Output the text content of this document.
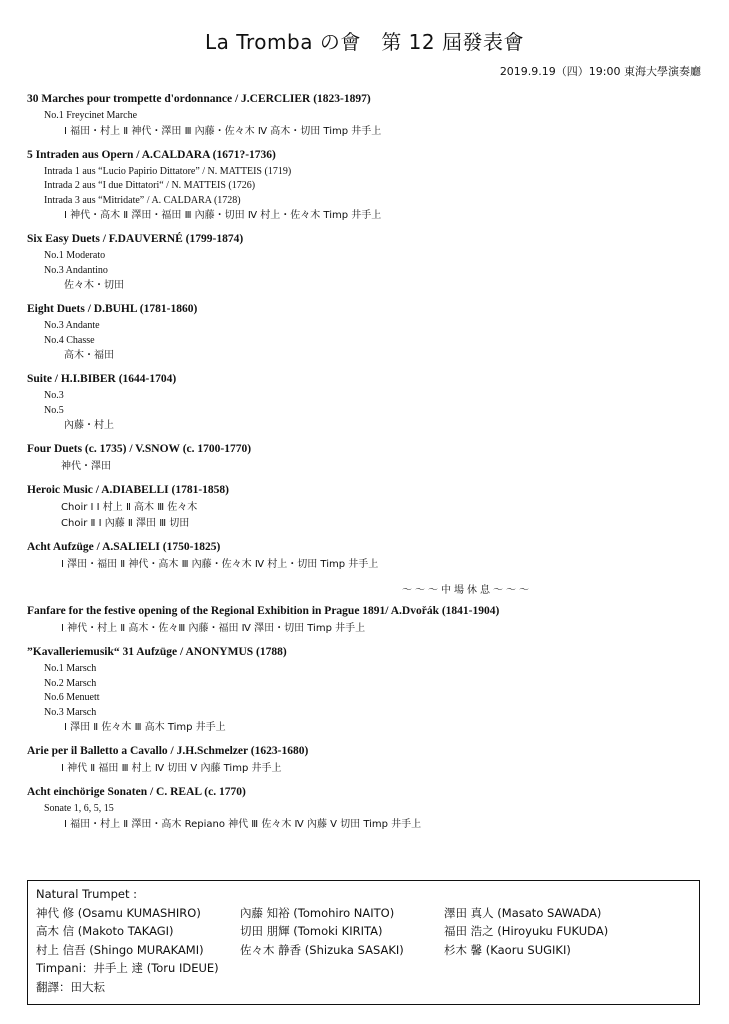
La Tromba の會　第 12 屆發表會
2019.9.19（四）19:00 東海大學演奏廳
30 Marches pour trompette d'ordonnance / J.CERCLIER (1823-1897)
No.1 Freycinet Marche
Ⅰ 福田・村上 Ⅱ 神代・澤田 Ⅲ 內藤・佐々木 Ⅳ 高木・切田 Timp 井手上
5 Intraden aus Opern / A.CALDARA (1671?-1736)
Intrada 1 aus “Lucio Papirio Dittatore” / N. MATTEIS (1719)
Intrada 2 aus “I due Dittatori“ / N. MATTEIS (1726)
Intrada 3 aus “Mitridate” / A. CALDARA (1728)
Ⅰ 神代・高木 Ⅱ 澤田・福田 Ⅲ 內藤・切田 Ⅳ 村上・佐々木 Timp 井手上
Six Easy Duets / F.DAUVERNÉ (1799-1874)
No.1 Moderato
No.3 Andantino
佐々木・切田
Eight Duets / D.BUHL (1781-1860)
No.3 Andante
No.4 Chasse
高木・福田
Suite / H.I.BIBER (1644-1704)
No.3
No.5
內藤・村上
Four Duets (c. 1735) / V.SNOW (c. 1700-1770)
神代・澤田
Heroic Music / A.DIABELLI (1781-1858)
Choir Ⅰ Ⅰ 村上 Ⅱ 高木 Ⅲ 佐々木
Choir Ⅱ Ⅰ 內藤 Ⅱ 澤田 Ⅲ 切田
Acht Aufzüge / A.SALIELI (1750-1825)
Ⅰ 澤田・福田 Ⅱ 神代・高木 Ⅲ 內藤・佐々木 Ⅳ 村上・切田 Timp 井手上
～～～中場休息～～～
Fanfare for the festive opening of the Regional Exhibition in Prague 1891/ A.Dvořák (1841-1904)
Ⅰ 神代・村上 Ⅱ 高木・佐々Ⅲ 內藤・福田 Ⅳ 澤田・切田 Timp 井手上
”Kavalleriemusik“ 31 Aufzüge / ANONYMUS (1788)
No.1 Marsch
No.2 Marsch
No.6 Menuett
No.3 Marsch
Ⅰ 澤田 Ⅱ 佐々木 Ⅲ 高木 Timp 井手上
Arie per il Balletto a Cavallo / J.H.Schmelzer (1623-1680)
Ⅰ 神代 Ⅱ 福田 Ⅲ 村上 Ⅳ 切田 Ⅴ 內藤 Timp 井手上
Acht einchörige Sonaten / C. REAL (c. 1770)
Sonate 1, 6, 5, 15
Ⅰ 福田・村上 Ⅱ 澤田・高木 Repiano 神代 Ⅲ 佐々木 Ⅳ 內藤 Ⅴ 切田 Timp 井手上
Natural Trumpet :
神代 修 (Osamu KUMASHIRO)	內藤 知裕 (Tomohiro NAITO)	澤田 真人 (Masato SAWADA)
高木 信 (Makoto TAKAGI)	切田 朋輝 (Tomoki KIRITA)	福田 浩之 (Hiroyuku FUKUDA)
村上 信吾 (Shingo MURAKAMI)	佐々木 静香 (Shizuka SASAKI)	杉木 馨 (Kaoru SUGIKI)
Timpani：井手上 達 (Toru IDEUE)
翻譯：田大耘
